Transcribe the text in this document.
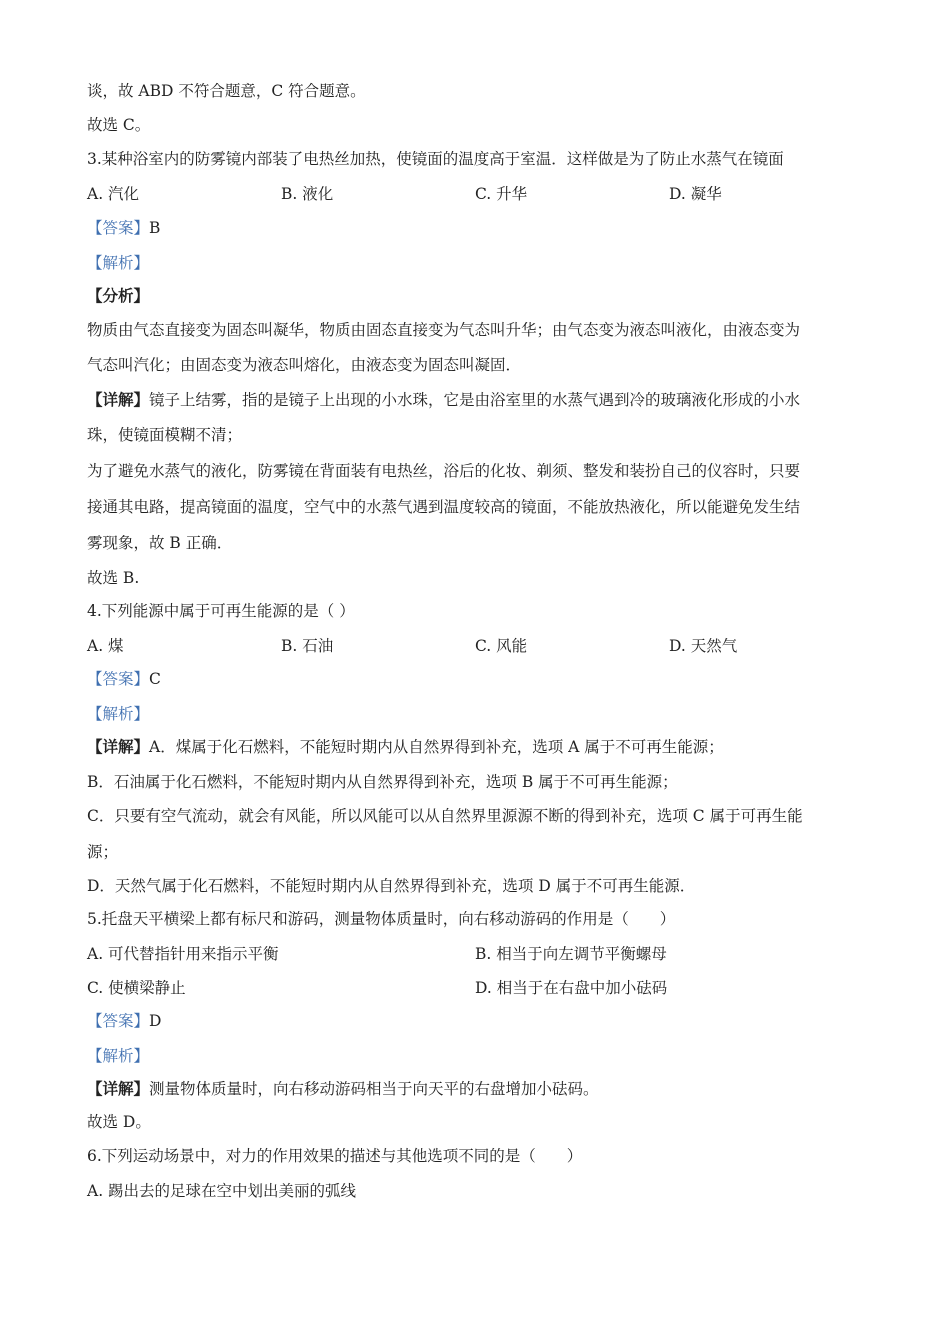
谈，故 ABD 不符合题意，C 符合题意。
故选 C。
3.某种浴室内的防雾镜内部装了电热丝加热，使镜面的温度高于室温．这样做是为了防止水蒸气在镜面
A. 汽化	B. 液化	C. 升华	D. 凝华
【答案】B
【解析】
【分析】
物质由气态直接变为固态叫凝华，物质由固态直接变为气态叫升华；由气态变为液态叫液化，由液态变为
气态叫汽化；由固态变为液态叫熔化，由液态变为固态叫凝固．
【详解】镜子上结雾，指的是镜子上出现的小水珠，它是由浴室里的水蒸气遇到冷的玻璃液化形成的小水
珠，使镜面模糊不清；
为了避免水蒸气的液化，防雾镜在背面装有电热丝，浴后的化妆、剃须、整发和装扮自己的仪容时，只要
接通其电路，提高镜面的温度，空气中的水蒸气遇到温度较高的镜面，不能放热液化，所以能避免发生结
雾现象，故 B 正确．
故选 B.
4.下列能源中属于可再生能源的是（ ）
A. 煤	B. 石油	C. 风能	D. 天然气
【答案】C
【解析】
【详解】A．煤属于化石燃料，不能短时期内从自然界得到补充，选项 A 属于不可再生能源；
B．石油属于化石燃料，不能短时期内从自然界得到补充，选项 B 属于不可再生能源；
C．只要有空气流动，就会有风能，所以风能可以从自然界里源源不断的得到补充，选项 C 属于可再生能
源；
D．天然气属于化石燃料，不能短时期内从自然界得到补充，选项 D 属于不可再生能源．
5.托盘天平横梁上都有标尺和游码，测量物体质量时，向右移动游码的作用是（　　）
A. 可代替指针用来指示平衡	B. 相当于向左调节平衡螺母
C. 使横梁静止	D. 相当于在右盘中加小砝码
【答案】D
【解析】
【详解】测量物体质量时，向右移动游码相当于向天平的右盘增加小砝码。
故选 D。
6.下列运动场景中，对力的作用效果的描述与其他选项不同的是（　　）
A. 踢出去的足球在空中划出美丽的弧线
